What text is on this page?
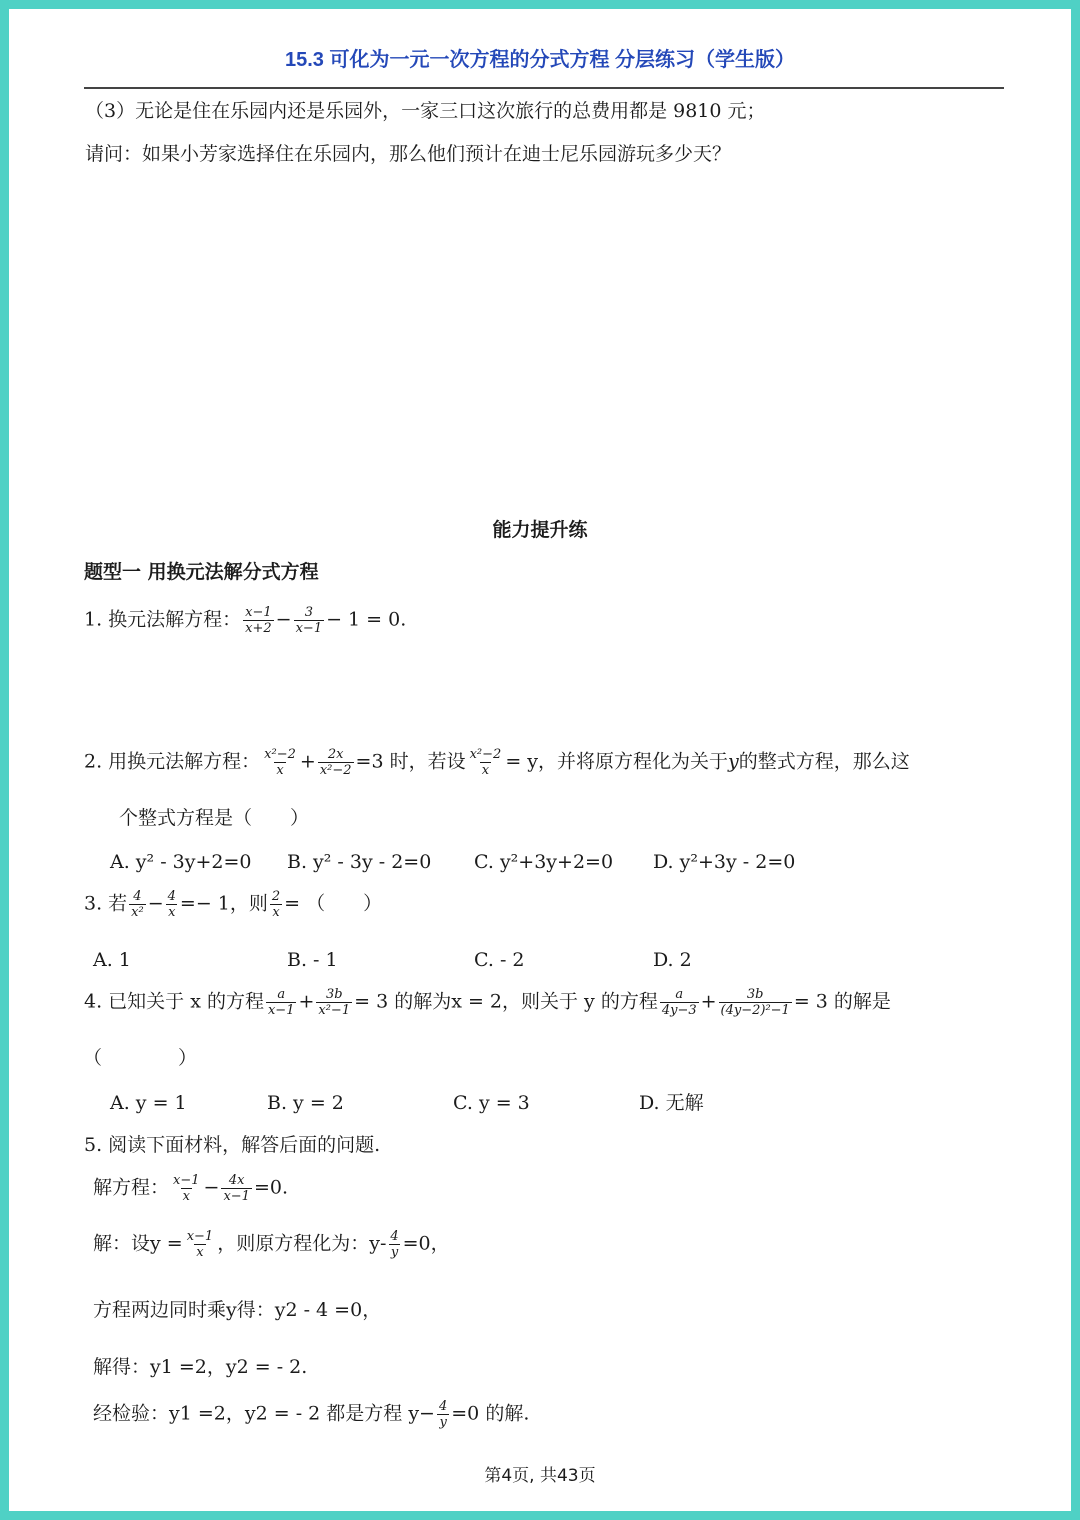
15.3 可化为一元一次方程的分式方程 分层练习（学生版）
（3）无论是住在乐园内还是乐园外，一家三口这次旅行的总费用都是 9810 元；
请问：如果小芳家选择住在乐园内，那么他们预计在迪士尼乐园游玩多少天？
能力提升练
题型一 用换元法解分式方程
1. 换元法解方程： $\frac{x-1}{x+2} - \frac{3}{x-1} - 1 = 0$.
2. 用换元法解方程： $\frac{\text{x²−2}}{x} + \frac{2x}{\text{x²−2}} =3$ 时，若设 $\frac{\text{x²−2}}{x} = y$，并将原方程化为关于y的整式方程，那么这
个整式方程是（　　）
A. y² - 3y+2=0 B. y² - 3y - 2=0 C. y²+3y+2=0 D. y²+3y - 2=0
3. 若 $\frac{4}{\text{x²}} - \frac{4}{x} =- 1$，则 $\frac{2}{x}$ = （　　）
A. 1	B. - 1	C. - 2	D. 2
4. 已知关于 x 的方程 $\frac{a}{x-1} + \frac{3b}{\text{x²−1}} = 3$ 的解为x = 2，则关于 y 的方程 $\frac{a}{4y-3} + \frac{3b}{\text{(4y−2)²−1}} = 3$ 的解是
（　　　　）
A. y = 1	B. y = 2	C. y = 3	D. 无解
5. 阅读下面材料，解答后面的问题.
解方程： $\frac{x-1}{x} - \frac{4x}{x-1} =0$.
解：设$y = \frac{x-1}{x}$ ，则原方程化为：$y- \frac{4}{y} =0$，
方程两边同时乘y得：y2 - 4 =0，
解得：y1 =2，y2 = - 2.
经检验：y1 =2，y2 = - 2 都是方程 $y- \frac{4}{y} =0$ 的解.
第4页, 共43页
